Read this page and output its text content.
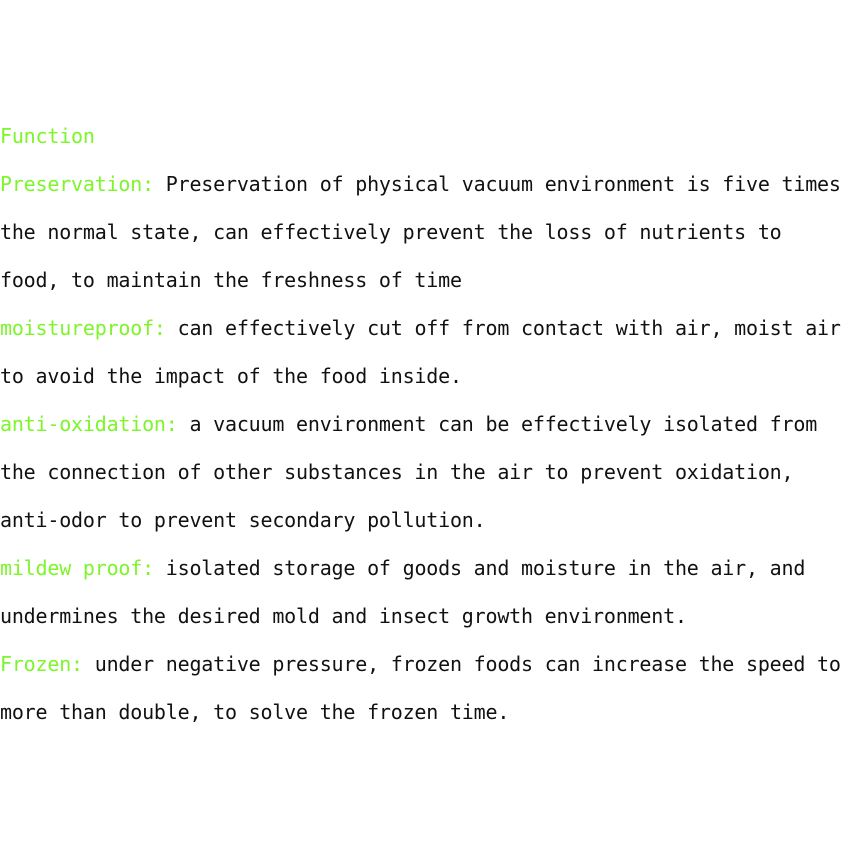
Function

Preservation: Preservation of physical vacuum environment is five times the normal state, can effectively prevent the loss of nutrients to food, to maintain the freshness of time

moistureproof: can effectively cut off from contact with air, moist air to avoid the impact of the food inside.

anti-oxidation: a vacuum environment can be effectively isolated from the connection of other substances in the air to prevent oxidation, anti-odor to prevent secondary pollution.

mildew proof: isolated storage of goods and moisture in the air, and undermines the desired mold and insect growth environment.

Frozen: under negative pressure, frozen foods can increase the speed to more than double, to solve the frozen time.
